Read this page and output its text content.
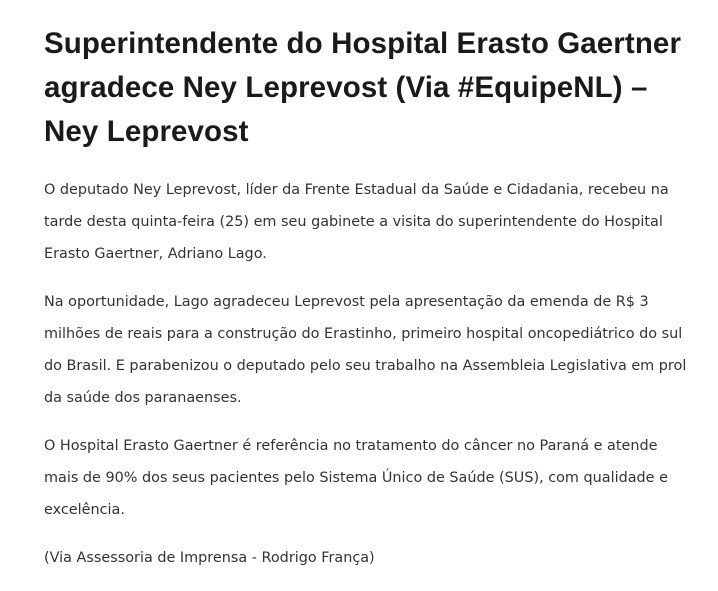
Superintendente do Hospital Erasto Gaertner agradece Ney Leprevost (Via #EquipeNL) – Ney Leprevost

O deputado Ney Leprevost, líder da Frente Estadual da Saúde e Cidadania, recebeu na tarde desta quinta-feira (25) em seu gabinete a visita do superintendente do Hospital Erasto Gaertner, Adriano Lago.

Na oportunidade, Lago agradeceu Leprevost pela apresentação da emenda de R$ 3 milhões de reais para a construção do Erastinho, primeiro hospital oncopediátrico do sul do Brasil. E parabenizou o deputado pelo seu trabalho na Assembleia Legislativa em prol da saúde dos paranaenses.

O Hospital Erasto Gaertner é referência no tratamento do câncer no Paraná e atende mais de 90% dos seus pacientes pelo Sistema Único de Saúde (SUS), com qualidade e excelência.

(Via Assessoria de Imprensa - Rodrigo França)
